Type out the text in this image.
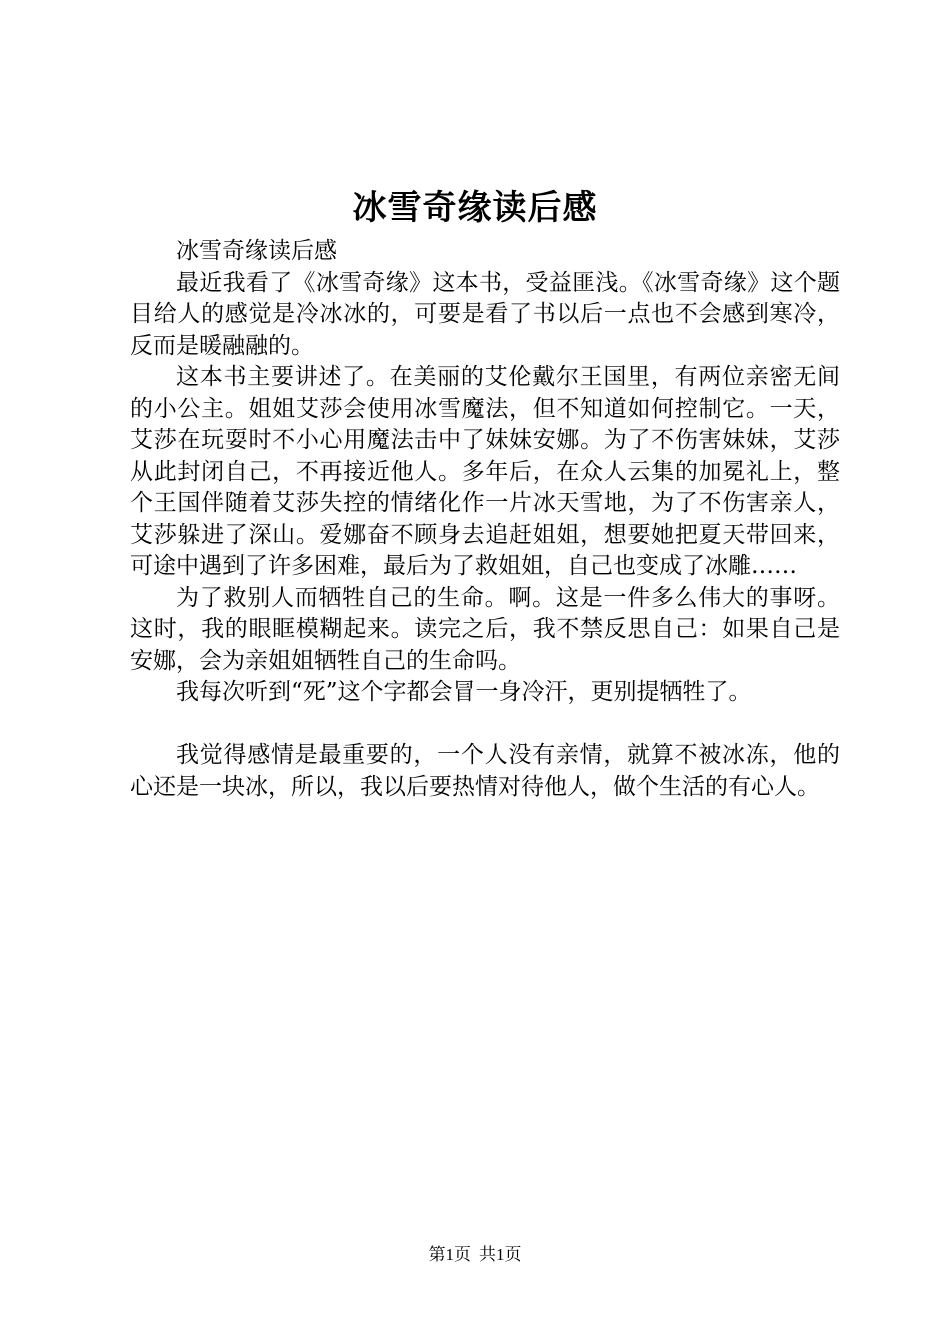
冰雪奇缘读后感

冰雪奇缘读后感

最近我看了《冰雪奇缘》这本书，受益匪浅。《冰雪奇缘》这个题目给人的感觉是冷冰冰的，可要是看了书以后一点也不会感到寒冷，反而是暖融融的。

这本书主要讲述了。在美丽的艾伦戴尔王国里，有两位亲密无间的小公主。姐姐艾莎会使用冰雪魔法，但不知道如何控制它。一天，艾莎在玩耍时不小心用魔法击中了妹妹安娜。为了不伤害妹妹，艾莎从此封闭自己，不再接近他人。多年后，在众人云集的加冕礼上，整个王国伴随着艾莎失控的情绪化作一片冰天雪地，为了不伤害亲人，艾莎躲进了深山。爱娜奋不顾身去追赶姐姐，想要她把夏天带回来，可途中遇到了许多困难，最后为了救姐姐，自己也变成了冰雕……

为了救别人而牺牲自己的生命。啊。这是一件多么伟大的事呀。这时，我的眼眶模糊起来。读完之后，我不禁反思自己：如果自己是安娜，会为亲姐姐牺牲自己的生命吗。

我每次听到“死”这个字都会冒一身冷汗，更别提牺牲了。

我觉得感情是最重要的，一个人没有亲情，就算不被冰冻，他的心还是一块冰，所以，我以后要热情对待他人，做个生活的有心人。

第1页 共1页
